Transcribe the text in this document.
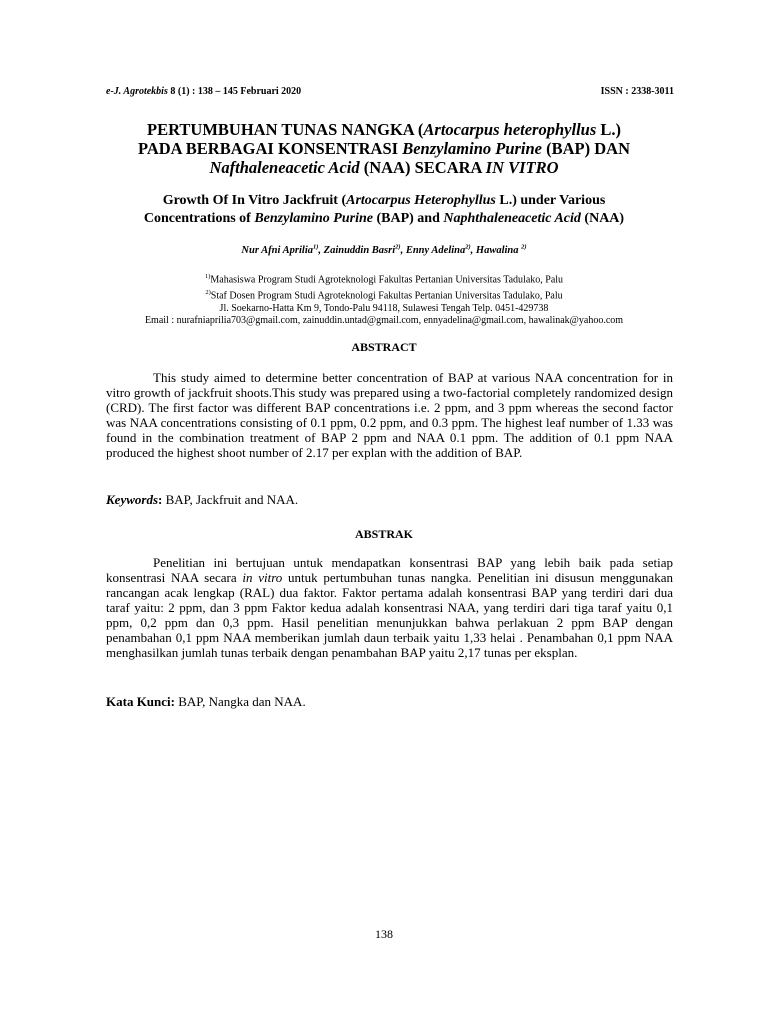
e-J. Agrotekbis 8 (1) : 138 – 145 Februari 2020	ISSN : 2338-3011
PERTUMBUHAN TUNAS NANGKA (Artocarpus heterophyllus L.)
PADA BERBAGAI KONSENTRASI Benzylamino Purine (BAP) DAN
Nafthaleneacetic Acid (NAA) SECARA IN VITRO
Growth Of In Vitro Jackfruit (Artocarpus Heterophyllus L.) under Various
Concentrations of Benzylamino Purine (BAP) and Naphthaleneacetic Acid (NAA)
Nur Afni Aprilia$^{1)}$, Zainuddin Basri$^{2)}$, Enny Adelina$^{2)}$, Hawalina $^{2)}$
$^{1)}$Mahasiswa Program Studi Agroteknologi Fakultas Pertanian Universitas Tadulako, Palu
$^{2)}$Staf Dosen Program Studi Agroteknologi Fakultas Pertanian Universitas Tadulako, Palu
Jl. Soekarno-Hatta Km 9, Tondo-Palu 94118, Sulawesi Tengah Telp. 0451-429738
Email : nurafniaprilia703@gmail.com, zainuddin.untad@gmail.com, ennyadelina@gmail.com, hawalinak@yahoo.com
ABSTRACT
This study aimed to determine better concentration of BAP at various NAA concentration for in vitro growth of jackfruit shoots.This study was prepared using a two-factorial completely randomized design (CRD). The first factor was different BAP concentrations i.e. 2 ppm, and 3 ppm whereas the second factor was NAA concentrations consisting of 0.1 ppm, 0.2 ppm, and 0.3 ppm. The highest leaf number of 1.33 was found in the combination treatment of BAP 2 ppm and NAA 0.1 ppm. The addition of 0.1 ppm NAA produced the highest shoot number of 2.17 per explan with the addition of BAP.
Keywords: BAP, Jackfruit and NAA.
ABSTRAK
Penelitian ini bertujuan untuk mendapatkan konsentrasi BAP yang lebih baik pada setiap konsentrasi NAA secara in vitro untuk pertumbuhan tunas nangka. Penelitian ini disusun menggunakan rancangan acak lengkap (RAL) dua faktor. Faktor pertama adalah konsentrasi BAP yang terdiri dari dua taraf yaitu: 2 ppm, dan 3 ppm Faktor kedua adalah konsentrasi NAA, yang terdiri dari tiga taraf yaitu 0,1 ppm, 0,2 ppm dan 0,3 ppm. Hasil penelitian menunjukkan bahwa perlakuan 2 ppm BAP dengan penambahan 0,1 ppm NAA memberikan jumlah daun terbaik yaitu 1,33 helai . Penambahan 0,1 ppm NAA menghasilkan jumlah tunas terbaik dengan penambahan BAP yaitu 2,17 tunas per eksplan.
Kata Kunci: BAP, Nangka dan NAA.
138
